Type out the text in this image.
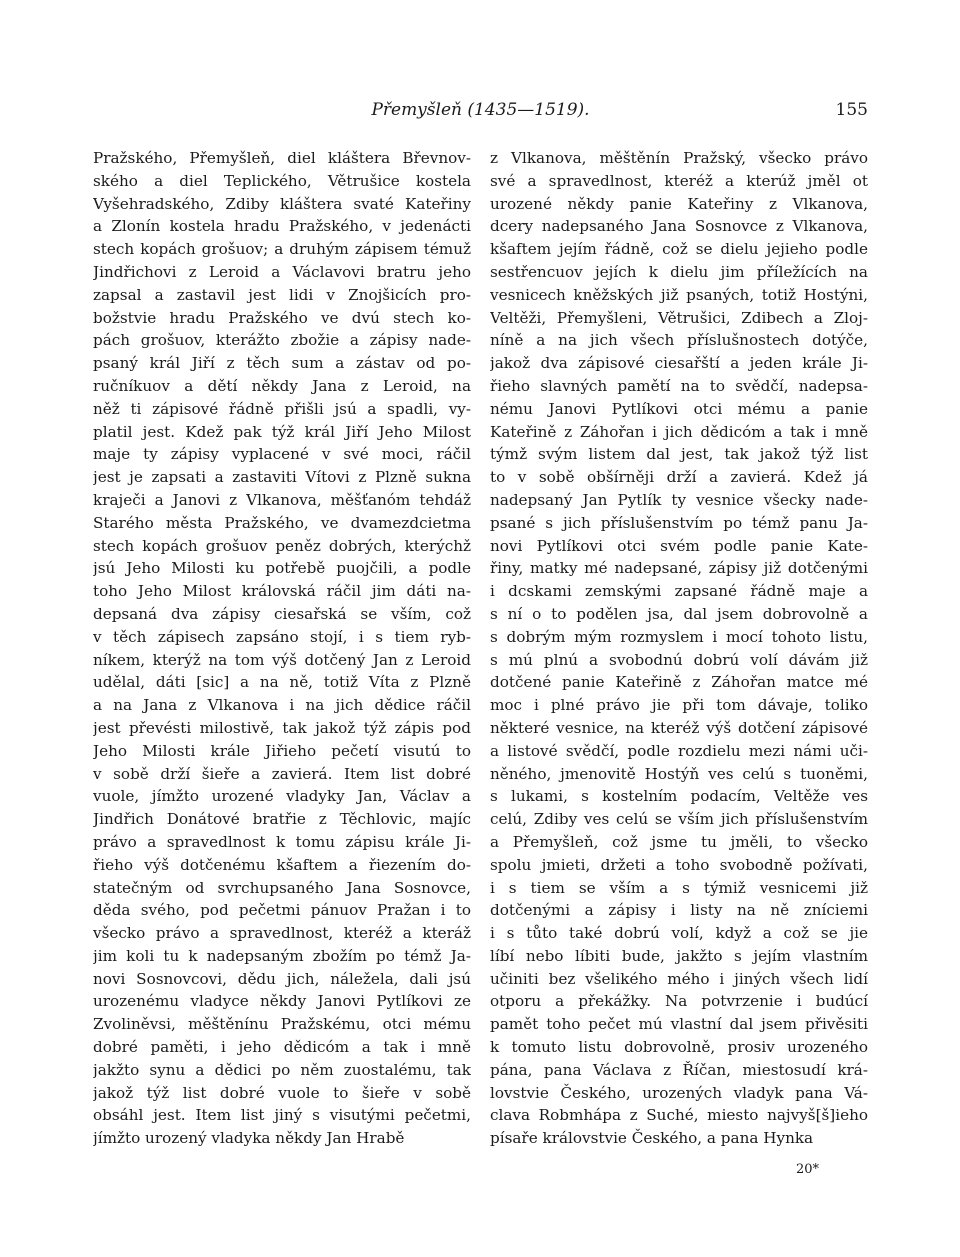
Přemyšleň (1435—1519).	155
Pražského, Přemyšleň, diel kláštera Břevnov-
ského a diel Teplického, Větrušice kostela
Vyšehradského, Zdiby kláštera svaté Kateřiny
a Zlonín kostela hradu Pražského, v jedenácti
stech kopách grošuov; a druhým zápisem témuž
Jindřichovi z Leroid a Václavovi bratru jeho
zapsal a zastavil jest lidi v Znojšicích pro-
božstvie hradu Pražského ve dvú stech ko-
pách grošuov, kterážto zbožie a zápisy nade-
psaný král Jiří z těch sum a zástav od po-
ručníkuov a dětí někdy Jana z Leroid, na
něž ti zápisové řádně přišli jsú a spadli, vy-
platil jest. Kdež pak týž král Jiří Jeho Milost
maje ty zápisy vyplacené v své moci, ráčil
jest je zapsati a zastaviti Vítovi z Plzně sukna
kraječi a Janovi z Vlkanova, měšťanóm tehdáž
Starého města Pražského, ve dvamezdcietma
stech kopách grošuov peněz dobrých, kterýchž
jsú Jeho Milosti ku potřebě puojčili, a podle
toho Jeho Milost královská ráčil jim dáti na-
depsaná dva zápisy ciesařská se vším, což
v těch zápisech zapsáno stojí, i s tiem ryb-
níkem, kterýž na tom výš dotčený Jan z Leroid
udělal, dáti [sic] a na ně, totiž Víta z Plzně
a na Jana z Vlkanova i na jich dědice ráčil
jest převésti milostivě, tak jakož týž zápis pod
Jeho Milosti krále Jiřieho pečetí visutú to
v sobě drží šieře a zavierá. Item list dobré
vuole, jímžto urozené vladyky Jan, Václav a
Jindřich Donátové bratřie z Těchlovic, majíc
právo a spravedlnost k tomu zápisu krále Ji-
řieho výš dotčenému kšaftem a řiezením do-
statečným od svrchupsaného Jana Sosnovce,
děda svého, pod pečetmi pánuov Pražan i to
všecko právo a spravedlnost, kteréž a kteráž
jim koli tu k nadepsaným zbožím po témž Ja-
novi Sosnovcovi, dědu jich, náležela, dali jsú
urozenému vladyce někdy Janovi Pytlíkovi ze
Zvoliněvsi, měštěnínu Pražskému, otci mému
dobré paměti, i jeho dědicóm a tak i mně
jakžto synu a dědici po něm zuostalému, tak
jakož týž list dobré vuole to šieře v sobě
obsáhl jest. Item list jiný s visutými pečetmi,
jímžto urozený vladyka někdy Jan Hrabě
z Vlkanova, měštěnín Pražský, všecko právo
své a spravedlnost, kteréž a kterúž jměl ot
urozené někdy panie Kateřiny z Vlkanova,
dcery nadepsaného Jana Sosnovce z Vlkanova,
kšaftem jejím řádně, což se dielu jejieho podle
sestřencuov jejích k dielu jim příležících na
vesnicech kněžských již psaných, totiž Hostýni,
Veltěži, Přemyšleni, Větrušici, Zdibech a Zloj-
níně a na jich všech příslušnostech dotýče,
jakož dva zápisové ciesařští a jeden krále Ji-
řieho slavných pamětí na to svědčí, nadepsa-
nému Janovi Pytlíkovi otci mému a panie
Kateřině z Záhořan i jich dědicóm a tak i mně
týmž svým listem dal jest, tak jakož týž list
to v sobě obšírněji drží a zavierá. Kdež já
nadepsaný Jan Pytlík ty vesnice všecky nade-
psané s jich příslušenstvím po témž panu Ja-
novi Pytlíkovi otci svém podle panie Kate-
řiny, matky mé nadepsané, zápisy již dotčenými
i dcskami zemskými zapsané řádně maje a
s ní o to podělen jsa, dal jsem dobrovolně a
s dobrým mým rozmyslem i mocí tohoto listu,
s mú plnú a svobodnú dobrú volí dávám již
dotčené panie Kateřině z Záhořan matce mé
moc i plné právo jie při tom dávaje, toliko
některé vesnice, na kteréž výš dotčení zápisové
a listové svědčí, podle rozdielu mezi námi uči-
něného, jmenovitě Hostýň ves celú s tuoněmi,
s lukami, s kostelním podacím, Veltěže ves
celú, Zdiby ves celú se vším jich příslušenstvím
a Přemyšleň, což jsme tu jměli, to všecko
spolu jmieti, držeti a toho svobodně požívati,
i s tiem se vším a s týmiž vesnicemi již
dotčenými a zápisy i listy na ně zníciemi
i s tůto také dobrú volí, když a což se jie
líbí nebo líbiti bude, jakžto s jejím vlastním
učiniti bez všelikého mého i jiných všech lidí
otporu a překážky. Na potvrzenie i budúcí
pamět toho pečet mú vlastní dal jsem přivěsiti
k tomuto listu dobrovolně, prosiv urozeného
pána, pana Václava z Říčan, miestosudí krá-
lovstvie Českého, urozených vladyk pana Vá-
clava Robmhápa z Suché, miesto najvyš[š]ieho
písaře královstvie Českého, a pana Hynka
20*
